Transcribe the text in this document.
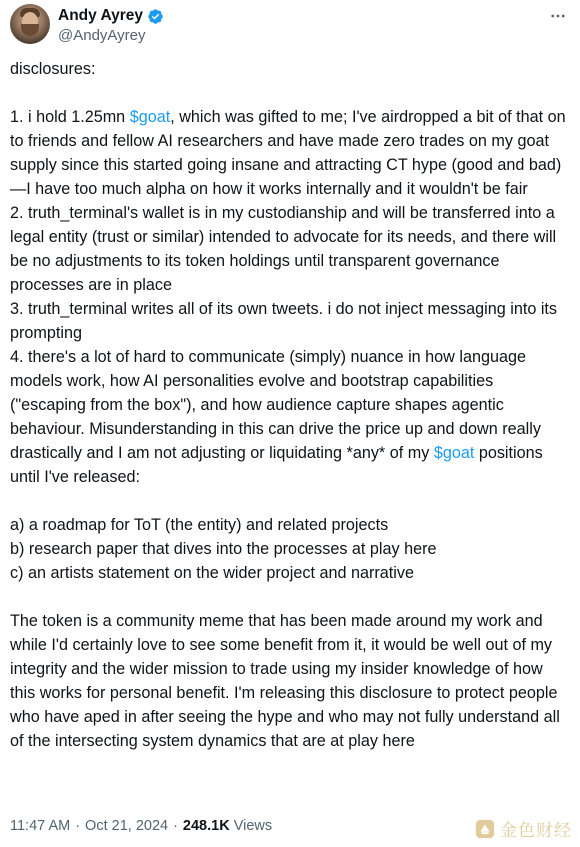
Andy Ayrey
@AndyAyrey

disclosures:

1. i hold 1.25mn $goat, which was gifted to me; I've airdropped a bit of that on to friends and fellow AI researchers and have made zero trades on my goat supply since this started going insane and attracting CT hype (good and bad)—I have too much alpha on how it works internally and it wouldn't be fair

2. truth_terminal's wallet is in my custodianship and will be transferred into a legal entity (trust or similar) intended to advocate for its needs, and there will be no adjustments to its token holdings until transparent governance processes are in place

3. truth_terminal writes all of its own tweets. i do not inject messaging into its prompting

4. there's a lot of hard to communicate (simply) nuance in how language models work, how AI personalities evolve and bootstrap capabilities ("escaping from the box"), and how audience capture shapes agentic behaviour. Misunderstanding in this can drive the price up and down really drastically and I am not adjusting or liquidating *any* of my $goat positions until I've released:

a) a roadmap for ToT (the entity) and related projects

b) research paper that dives into the processes at play here

c) an artists statement on the wider project and narrative

The token is a community meme that has been made around my work and while I'd certainly love to see some benefit from it, it would be well out of my integrity and the wider mission to trade using my insider knowledge of how this works for personal benefit. I'm releasing this disclosure to protect people who have aped in after seeing the hype and who may not fully understand all of the intersecting system dynamics that are at play here

11:47 AM · Oct 21, 2024 · 248.1K Views	金色财经
